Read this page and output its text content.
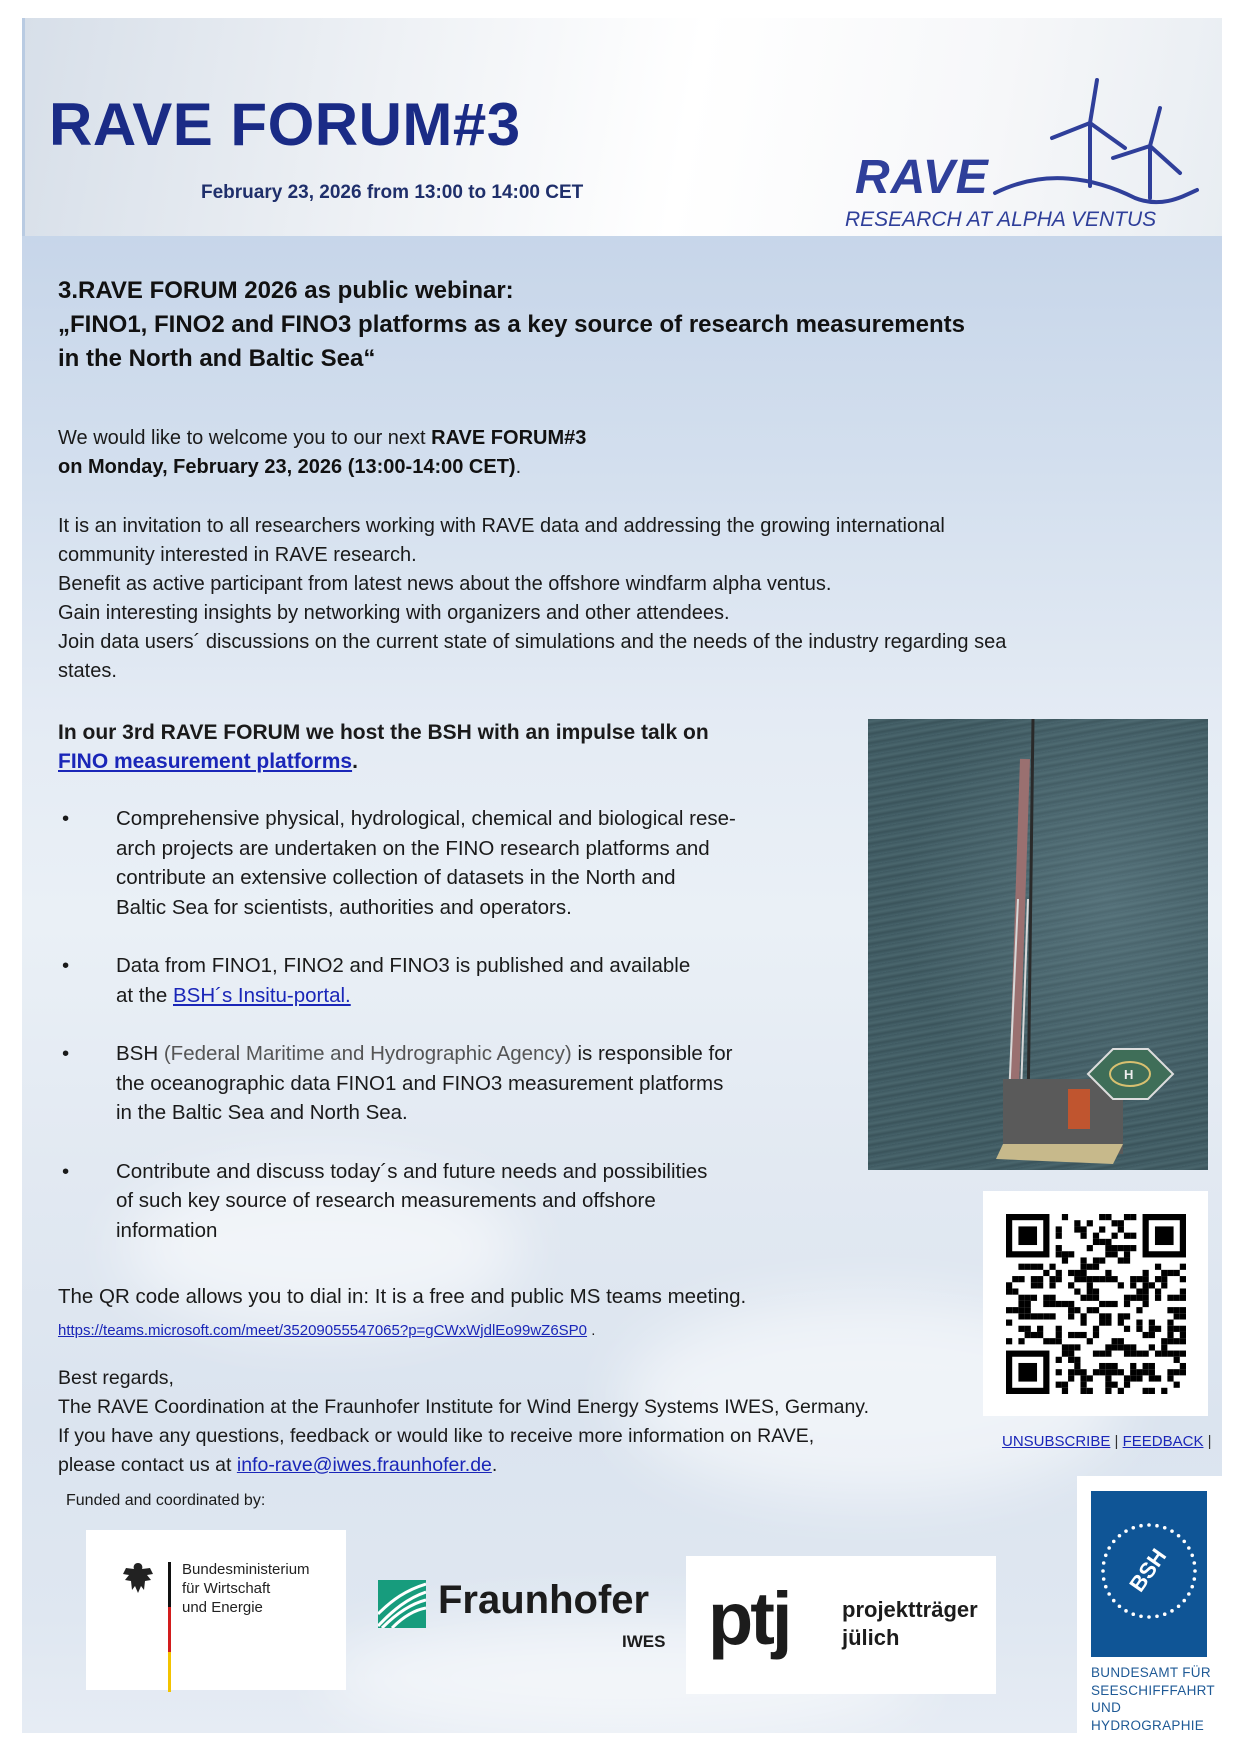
RAVE FORUM#3
February 23, 2026 from 13:00 to 14:00 CET	RAVE
RESEARCH AT ALPHA VENTUS
3.RAVE FORUM 2026 as public webinar:
„FINO1, FINO2 and FINO3 platforms as a key source of research measurements
in the North and Baltic Sea“
We would like to welcome you to our next RAVE FORUM#3
on Monday, February 23, 2026 (13:00-14:00 CET).
It is an invitation to all researchers working with RAVE data and addressing the growing international
community interested in RAVE research.
Benefit as active participant from latest news about the offshore windfarm alpha ventus.
Gain interesting insights by networking with organizers and other attendees.
Join data users´ discussions on the current state of simulations and the needs of the industry regarding sea
states.
In our 3rd RAVE FORUM we host the BSH with an impulse talk on
FINO measurement platforms.
• Comprehensive physical, hydrological, chemical and biological rese-
arch projects are undertaken on the FINO research platforms and
contribute an extensive collection of datasets in the North and
Baltic Sea for scientists, authorities and operators.
• Data from FINO1, FINO2 and FINO3 is published and available
at the BSH´s Insitu-portal.
• BSH (Federal Maritime and Hydrographic Agency) is responsible for
the oceanographic data FINO1 and FINO3 measurement platforms
in the Baltic Sea and North Sea.
• Contribute and discuss today´s and future needs and possibilities
of such key source of research measurements and offshore
information
The QR code allows you to dial in: It is a free and public MS teams meeting.
https://teams.microsoft.com/meet/35209055547065?p=gCWxWjdlEo99wZ6SP0 .
Best regards,
The RAVE Coordination at the Fraunhofer Institute for Wind Energy Systems IWES, Germany.
If you have any questions, feedback or would like to receive more information on RAVE,
please contact us at info-rave@iwes.fraunhofer.de.
Funded and coordinated by:
H
UNSUBSCRIBE | FEEDBACK |
Bundesministerium
für Wirtschaft
und Energie	Fraunhofer
IWES ptj projektträger
jülich
BSH
BUNDESAMT FÜR
SEESCHIFFFAHRT
UND
HYDROGRAPHIE
